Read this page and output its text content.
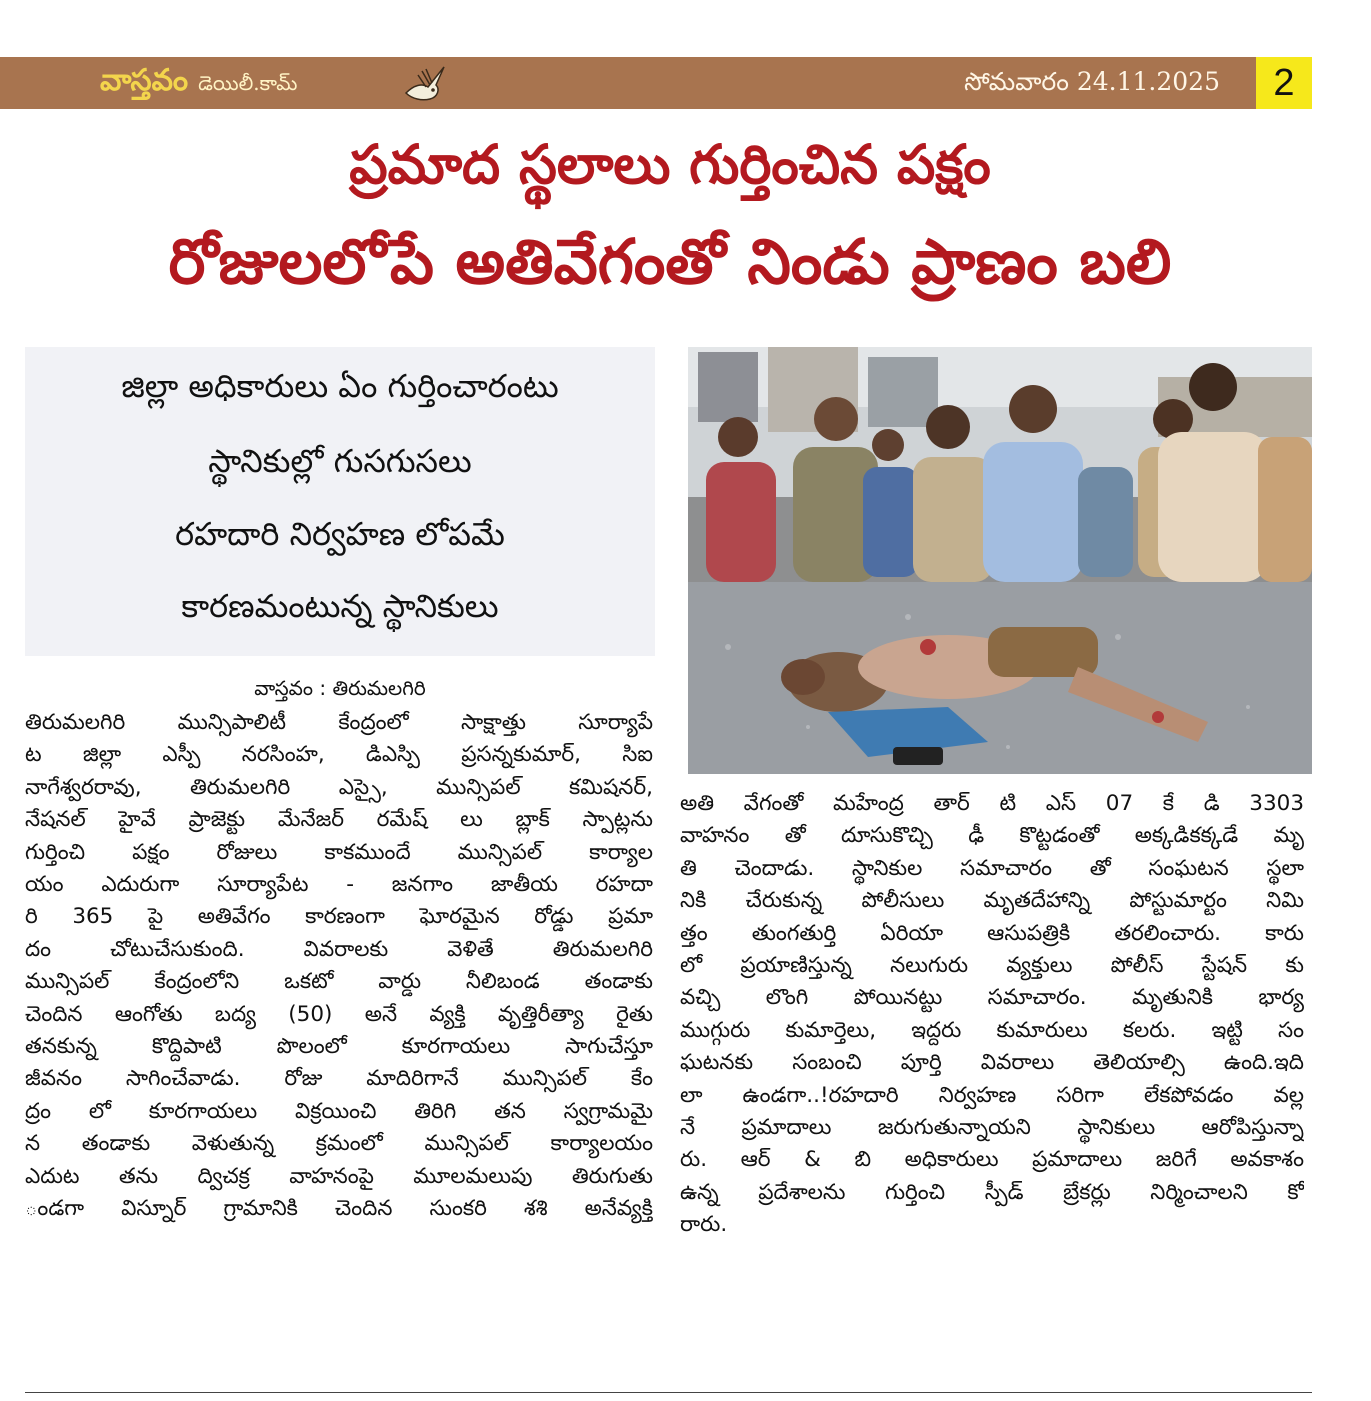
వాస్తవం డెయిలీ.కామ్	సోమవారం 24.11.2025	2
ప్రమాద స్థలాలు గుర్తించిన పక్షం
రోజులలోపే అతివేగంతో నిండు ప్రాణం బలి
జిల్లా అధికారులు ఏం గుర్తించారంటు
స్థానికుల్లో గుసగుసలు
రహదారి నిర్వహణ లోపమే
కారణమంటున్న స్థానికులు
వాస్తవం : తిరుమలగిరి
తిరుమలగిరి మున్సిపాలిటీ కేంద్రంలో సాక్షాత్తు సూర్యాపే
ట జిల్లా ఎస్పీ నరసింహ, డిఎస్పి ప్రసన్నకుమార్, సిఐ
నాగేశ్వరరావు, తిరుమలగిరి ఎస్సై, మున్సిపల్ కమిషనర్,
నేషనల్ హైవే ప్రాజెక్టు మేనేజర్ రమేష్ లు బ్లాక్ స్పాట్లను
గుర్తించి పక్షం రోజులు కాకముందే మున్సిపల్ కార్యాల
యం ఎదురుగా సూర్యాపేట - జనగాం జాతీయ రహదా
రి 365 పై అతివేగం కారణంగా ఘోరమైన రోడ్డు ప్రమా
దం చోటుచేసుకుంది. వివరాలకు వెళితే తిరుమలగిరి
మున్సిపల్ కేంద్రంలోని ఒకటో వార్డు నీలిబండ తండాకు
చెందిన ఆంగోతు బద్య (50) అనే వ్యక్తి వృత్తిరీత్యా రైతు
తనకున్న కొద్దిపాటి పొలంలో కూరగాయలు సాగుచేస్తూ
జీవనం సాగించేవాడు. రోజు మాదిరిగానే మున్సిపల్ కేం
ద్రం లో కూరగాయలు విక్రయించి తిరిగి తన స్వగ్రామమై
న తండాకు వెళుతున్న క్రమంలో మున్సిపల్ కార్యాలయం
ఎదుట తను ద్విచక్ర వాహనంపై మూలమలుపు తిరుగుతు
ండగా విస్నూర్ గ్రామానికి చెందిన సుంకరి శశి అనేవ్యక్తి
అతి వేగంతో మహేంద్ర తార్ టి ఎస్ 07 కే డి 3303
వాహనం తో దూసుకొచ్చి ఢీ కొట్టడంతో అక్కడికక్కడే మృ
తి చెందాడు. స్థానికుల సమాచారం తో సంఘటన స్థలా
నికి చేరుకున్న పోలీసులు మృతదేహాన్ని పోస్టుమార్టం నిమి
త్తం తుంగతుర్తి ఏరియా ఆసుపత్రికి తరలించారు. కారు
లో ప్రయాణిస్తున్న నలుగురు వ్యక్తులు పోలీస్ స్టేషన్ కు
వచ్చి లొంగి పోయినట్టు సమాచారం. మృతునికి భార్య
ముగ్గురు కుమార్తెలు, ఇద్దరు కుమారులు కలరు. ఇట్టి సం
ఘటనకు సంబంచి పూర్తి వివరాలు తెలియాల్సి ఉంది.ఇది
లా ఉండగా..!రహదారి నిర్వహణ సరిగా లేకపోవడం వల్ల
నే ప్రమాదాలు జరుగుతున్నాయని స్థానికులు ఆరోపిస్తున్నా
రు. ఆర్ & బి అధికారులు ప్రమాదాలు జరిగే అవకాశం
ఉన్న ప్రదేశాలను గుర్తించి స్పీడ్ బ్రేకర్లు నిర్మించాలని కో
రారు.
